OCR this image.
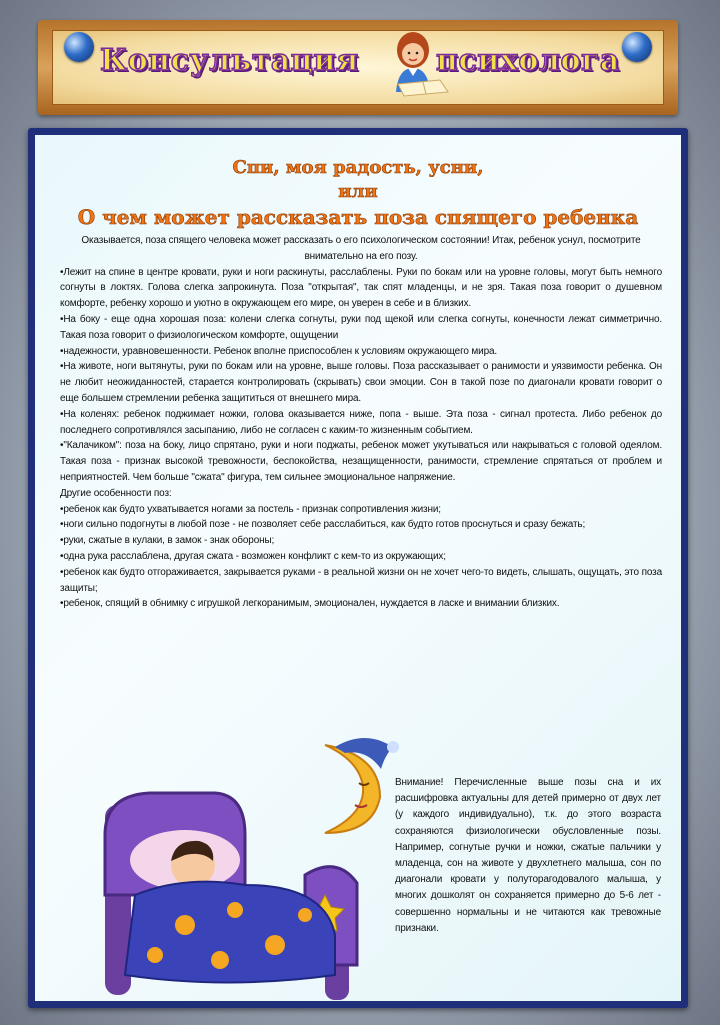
Консультация	психолога
Спи, моя радость, усни,
или
О чем может рассказать поза спящего ребенка

Оказывается, поза спящего человека может рассказать о его психологическом состоянии! Итак, ребенок уснул, посмотрите внимательно на его позу.

•Лежит на спине в центре кровати, руки и ноги раскинуты, расслаблены. Руки по бокам или на уровне головы, могут быть немного согнуты в локтях. Голова слегка запрокинута. Поза "открытая", так спят младенцы, и не зря. Такая поза говорит о душевном комфорте, ребенку хорошо и уютно в окружающем его мире, он уверен в себе и в близких.

•На боку - еще одна хорошая поза: колени слегка согнуты, руки под щекой или слегка согнуты, конечности лежат симметрично. Такая поза говорит о физиологическом комфорте, ощущении

•надежности, уравновешенности. Ребенок вполне приспособлен к условиям окружающего мира.

•На животе, ноги вытянуты, руки по бокам или на уровне, выше головы. Поза рассказывает о ранимости и уязвимости ребенка. Он не любит неожиданностей, старается контролировать (скрывать) свои эмоции. Сон в такой позе по диагонали кровати говорит о еще большем стремлении ребенка защититься от внешнего мира.

•На коленях: ребенок поджимает ножки, голова оказывается ниже, попа - выше. Эта поза - сигнал протеста. Либо ребенок до последнего сопротивлялся засыпанию, либо не согласен с каким-то жизненным событием.

•"Калачиком": поза на боку, лицо спрятано, руки и ноги поджаты, ребенок может укутываться или накрываться с головой одеялом. Такая поза - признак высокой тревожности, беспокойства, незащищенности, ранимости, стремление спрятаться от проблем и неприятностей. Чем больше "сжата" фигура, тем сильнее эмоциональное напряжение.

Другие особенности поз:

•ребенок как будто ухватывается ногами за постель - признак сопротивления жизни;

•ноги сильно подогнуты в любой позе - не позволяет себе расслабиться, как будто готов проснуться и сразу бежать;

•руки, сжатые в кулаки, в замок - знак обороны;

•одна рука расслаблена, другая сжата - возможен конфликт с кем-то из окружающих;

•ребенок как будто отгораживается, закрывается руками - в реальной жизни он не хочет чего-то видеть, слышать, ощущать, это поза защиты;

•ребенок, спящий в обнимку с игрушкой легкоранимым, эмоционален, нуждается в ласке и внимании близких.

Внимание! Перечисленные выше позы сна и их расшифровка актуальны для детей примерно от двух лет (у каждого индивидуально), т.к. до этого возраста сохраняются физиологически обусловленные позы. Например, согнутые ручки и ножки, сжатые пальчики у младенца, сон на животе у двухлетнего малыша, сон по диагонали кровати у полуторагодовалого малыша, у многих дошколят он сохраняется примерно до 5-6 лет - совершенно нормальны и не читаются как тревожные признаки.
